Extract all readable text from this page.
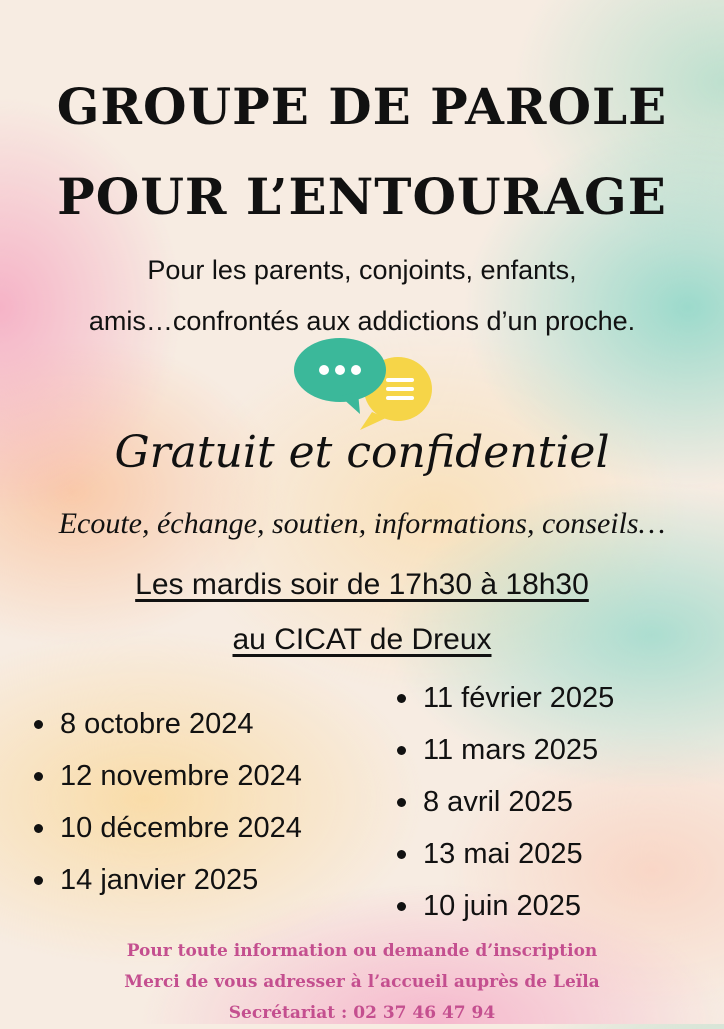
GROUPE DE PAROLE
POUR L’ENTOURAGE
Pour les parents, conjoints, enfants,
amis…confrontés aux addictions d’un proche.
Gratuit et confidentiel
Ecoute, échange, soutien, informations, conseils…
Les mardis soir de 17h30 à 18h30
au CICAT de Dreux
8 octobre 2024
12 novembre 2024
10 décembre 2024
14 janvier 2025
11 février 2025
11 mars 2025
8 avril 2025
13 mai 2025
10 juin 2025
Pour toute information ou demande d’inscription
Merci de vous adresser à l’accueil auprès de Leïla
Secrétariat : 02 37 46 47 94
